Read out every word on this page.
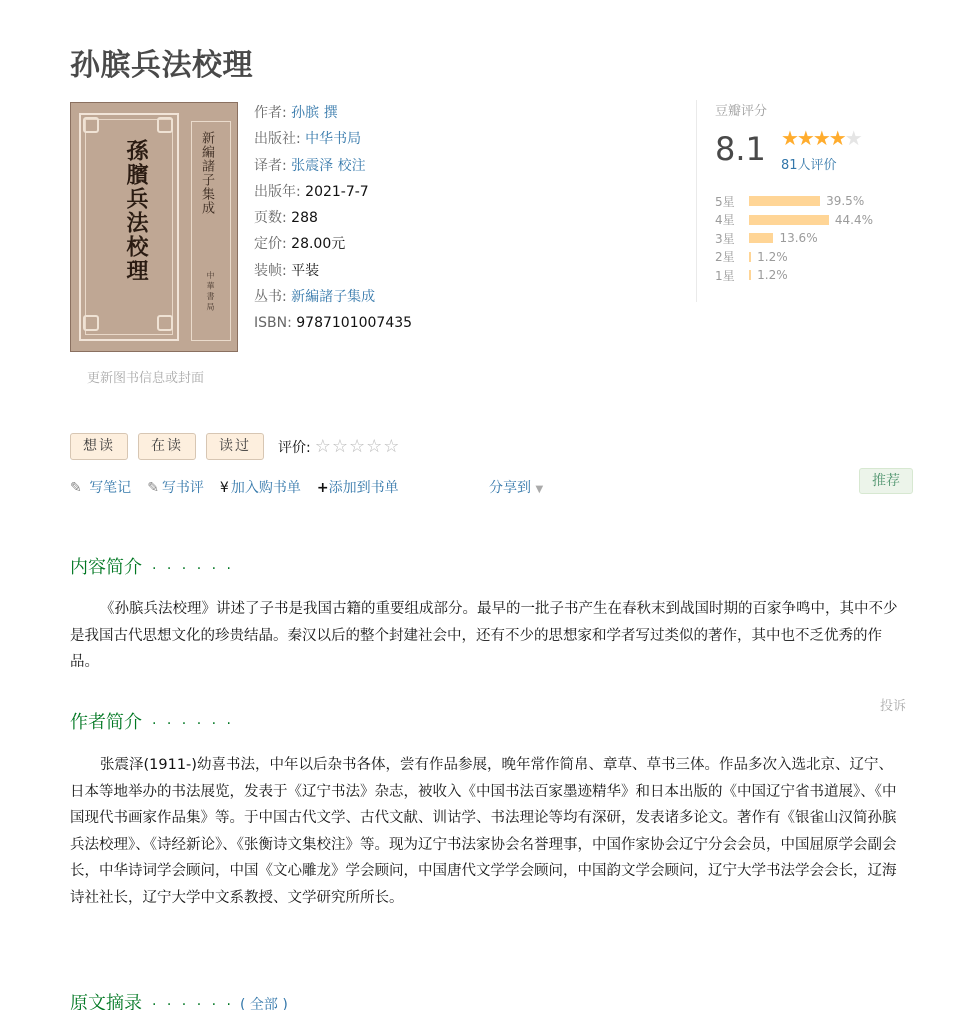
孙膑兵法校理
孫臏兵法校理	新編諸子集成
中 華 書 局
更新图书信息或封面
作者: 孙膑 撰
出版社: 中华书局
译者: 张震泽 校注
出版年: 2021-7-7
页数: 288
定价: 28.00元
装帧: 平装
丛书: 新編諸子集成
ISBN: 9787101007435
豆瓣评分
8.1 ★★★★★
81人评价
5星	39.5%
4星	44.4%
3星	13.6%
2星	1.2%
1星	1.2%
想读	在读	读过	评价: ☆☆☆☆☆
✎ 写笔记 ✎ 写书评 ¥ 加入购书单 +添加到书单	分享到 ▼
推荐
内容简介 · · · · · ·
《孙膑兵法校理》讲述了子书是我国古籍的重要组成部分。最早的一批子书产生在春秋末到战国时期的百家争鸣中，其中不少是我国古代思想文化的珍贵结晶。秦汉以后的整个封建社会中，还有不少的思想家和学者写过类似的著作，其中也不乏优秀的作品。
投诉
作者简介 · · · · · ·
张震泽(1911-)幼喜书法，中年以后杂书各体，尝有作品参展，晚年常作简帛、章草、草书三体。作品多次入选北京、辽宁、日本等地举办的书法展览，发表于《辽宁书法》杂志，被收入《中国书法百家墨迹精华》和日本出版的《中国辽宁省书道展》、《中国现代书画家作品集》等。于中国古代文学、古代文献、训诂学、书法理论等均有深研，发表诸多论文。著作有《银雀山汉简孙膑兵法校理》、《诗经新论》、《张衡诗文集校注》等。现为辽宁书法家协会名誉理事，中国作家协会辽宁分会会员，中国屈原学会副会长，中华诗词学会顾问，中国《文心雕龙》学会顾问，中国唐代文学学会顾问，中国韵文学会顾问，辽宁大学书法学会会长，辽海诗社社长，辽宁大学中文系教授、文学研究所所长。
原文摘录 · · · · · · ( 全部 )
